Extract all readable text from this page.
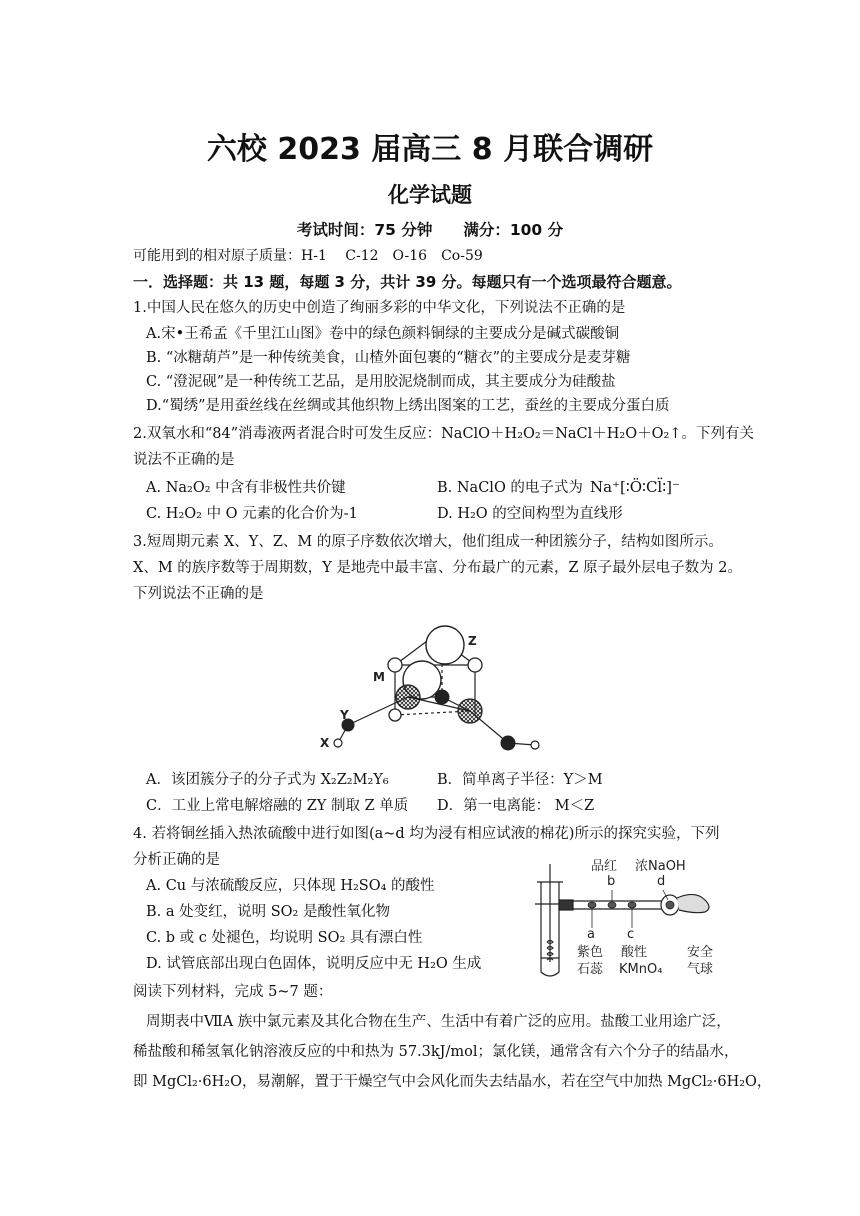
六校 2023 届高三 8 月联合调研
化学试题
考试时间：75 分钟　　满分：100 分
可能用到的相对原子质量：H-1　 C-12　O-16　Co-59
一．选择题：共 13 题，每题 3 分，共计 39 分。每题只有一个选项最符合题意。
1.中国人民在悠久的历史中创造了绚丽多彩的中华文化，下列说法不正确的是
A.宋•王希孟《千里江山图》卷中的绿色颜料铜绿的主要成分是碱式碳酸铜
B. “冰糖葫芦”是一种传统美食，山楂外面包裹的“糖衣”的主要成分是麦芽糖
C. “澄泥砚”是一种传统工艺品，是用胶泥烧制而成，其主要成分为硅酸盐
D.“蜀绣”是用蚕丝线在丝绸或其他织物上绣出图案的工艺，蚕丝的主要成分蛋白质
2.双氧水和“84”消毒液两者混合时可发生反应：NaClO＋H₂O₂＝NaCl＋H₂O＋O₂↑。下列有关
说法不正确的是
A. Na₂O₂ 中含有非极性共价键	B. NaClO 的电子式为 Na⁺[∶Ö∶Cl̈∶]⁻
C. H₂O₂ 中 O 元素的化合价为-1	D. H₂O 的空间构型为直线形
3.短周期元素 X、Y、Z、M 的原子序数依次增大，他们组成一种团簇分子，结构如图所示。
X、M 的族序数等于周期数，Y 是地壳中最丰富、分布最广的元素，Z 原子最外层电子数为 2。
下列说法不正确的是
Z
M
Y
X
A．该团簇分子的分子式为 X₂Z₂M₂Y₆	B．简单离子半径：Y＞M
C．工业上常电解熔融的 ZY 制取 Z 单质 D．第一电离能： M＜Z
4. 若将铜丝插入热浓硫酸中进行如图(a~d 均为浸有相应试液的棉花)所示的探究实验，下列
分析正确的是
A. Cu 与浓硫酸反应，只体现 H₂SO₄ 的酸性
B. a 处变红，说明 SO₂ 是酸性氧化物
C. b 或 c 处褪色，均说明 SO₂ 具有漂白性
D. 试管底部出现白色固体，说明反应中无 H₂O 生成
品红 浓NaOH
b	d
a c
紫色
石蕊
酸性
KMnO₄
安全
气球
阅读下列材料，完成 5~7 题：
周期表中ⅦA 族中氯元素及其化合物在生产、生活中有着广泛的应用。盐酸工业用途广泛，
稀盐酸和稀氢氧化钠溶液反应的中和热为 57.3kJ/mol；氯化镁，通常含有六个分子的结晶水，
即 MgCl₂·6H₂O，易潮解，置于干燥空气中会风化而失去结晶水，若在空气中加热 MgCl₂·6H₂O，
